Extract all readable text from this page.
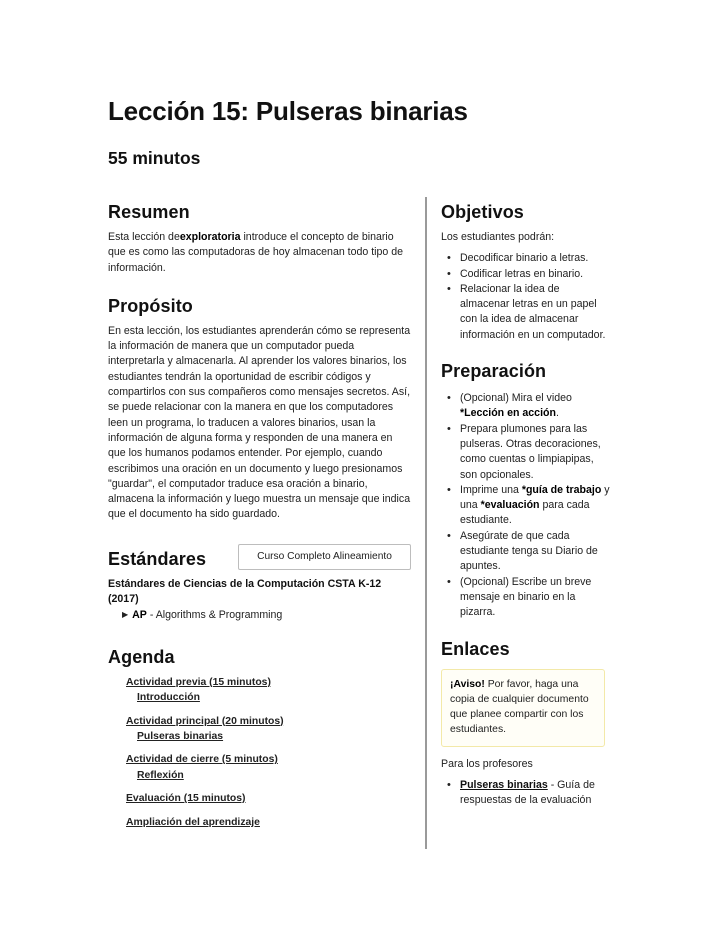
Lección 15: Pulseras binarias
55 minutos
Resumen

Esta lección deexploratoria introduce el concepto de binario que es como las computadoras de hoy almacenan todo tipo de información.

Propósito

En esta lección, los estudiantes aprenderán cómo se representa la información de manera que un computador pueda interpretarla y almacenarla. Al aprender los valores binarios, los estudiantes tendrán la oportunidad de escribir códigos y compartirlos con sus compañeros como mensajes secretos. Así, se puede relacionar con la manera en que los computadores leen un programa, lo traducen a valores binarios, usan la información de alguna forma y responden de una manera en que los humanos podamos entender. Por ejemplo, cuando escribimos una oración en un documento y luego presionamos "guardar", el computador traduce esa oración a binario, almacena la información y luego muestra un mensaje que indica que el documento ha sido guardado.

Estándares	Curso Completo Alineamiento
Estándares de Ciencias de la Computación CSTA K-12 (2017)
▶ AP - Algorithms & Programming
Agenda
Actividad previa (15 minutos)
Introducción
Actividad principal (20 minutos)
Pulseras binarias
Actividad de cierre (5 minutos)
Reflexión
Evaluación (15 minutos)
Ampliación del aprendizaje
Objetivos

Los estudiantes podrán:

• Decodificar binario a letras.
• Codificar letras en binario.
• Relacionar la idea de almacenar letras en un papel con la idea de almacenar información en un computador.
Preparación
• (Opcional) Mira el video *Lección en acción.
• Prepara plumones para las pulseras. Otras decoraciones, como cuentas o limpiapipas, son opcionales.
• Imprime una *guía de trabajo y una *evaluación para cada estudiante.
• Asegúrate de que cada estudiante tenga su Diario de apuntes.
• (Opcional) Escribe un breve mensaje en binario en la pizarra.
Enlaces

¡Aviso! Por favor, haga una copia de cualquier documento que planee compartir con los estudiantes.

Para los profesores

• Pulseras binarias - Guía de respuestas de la evaluación
